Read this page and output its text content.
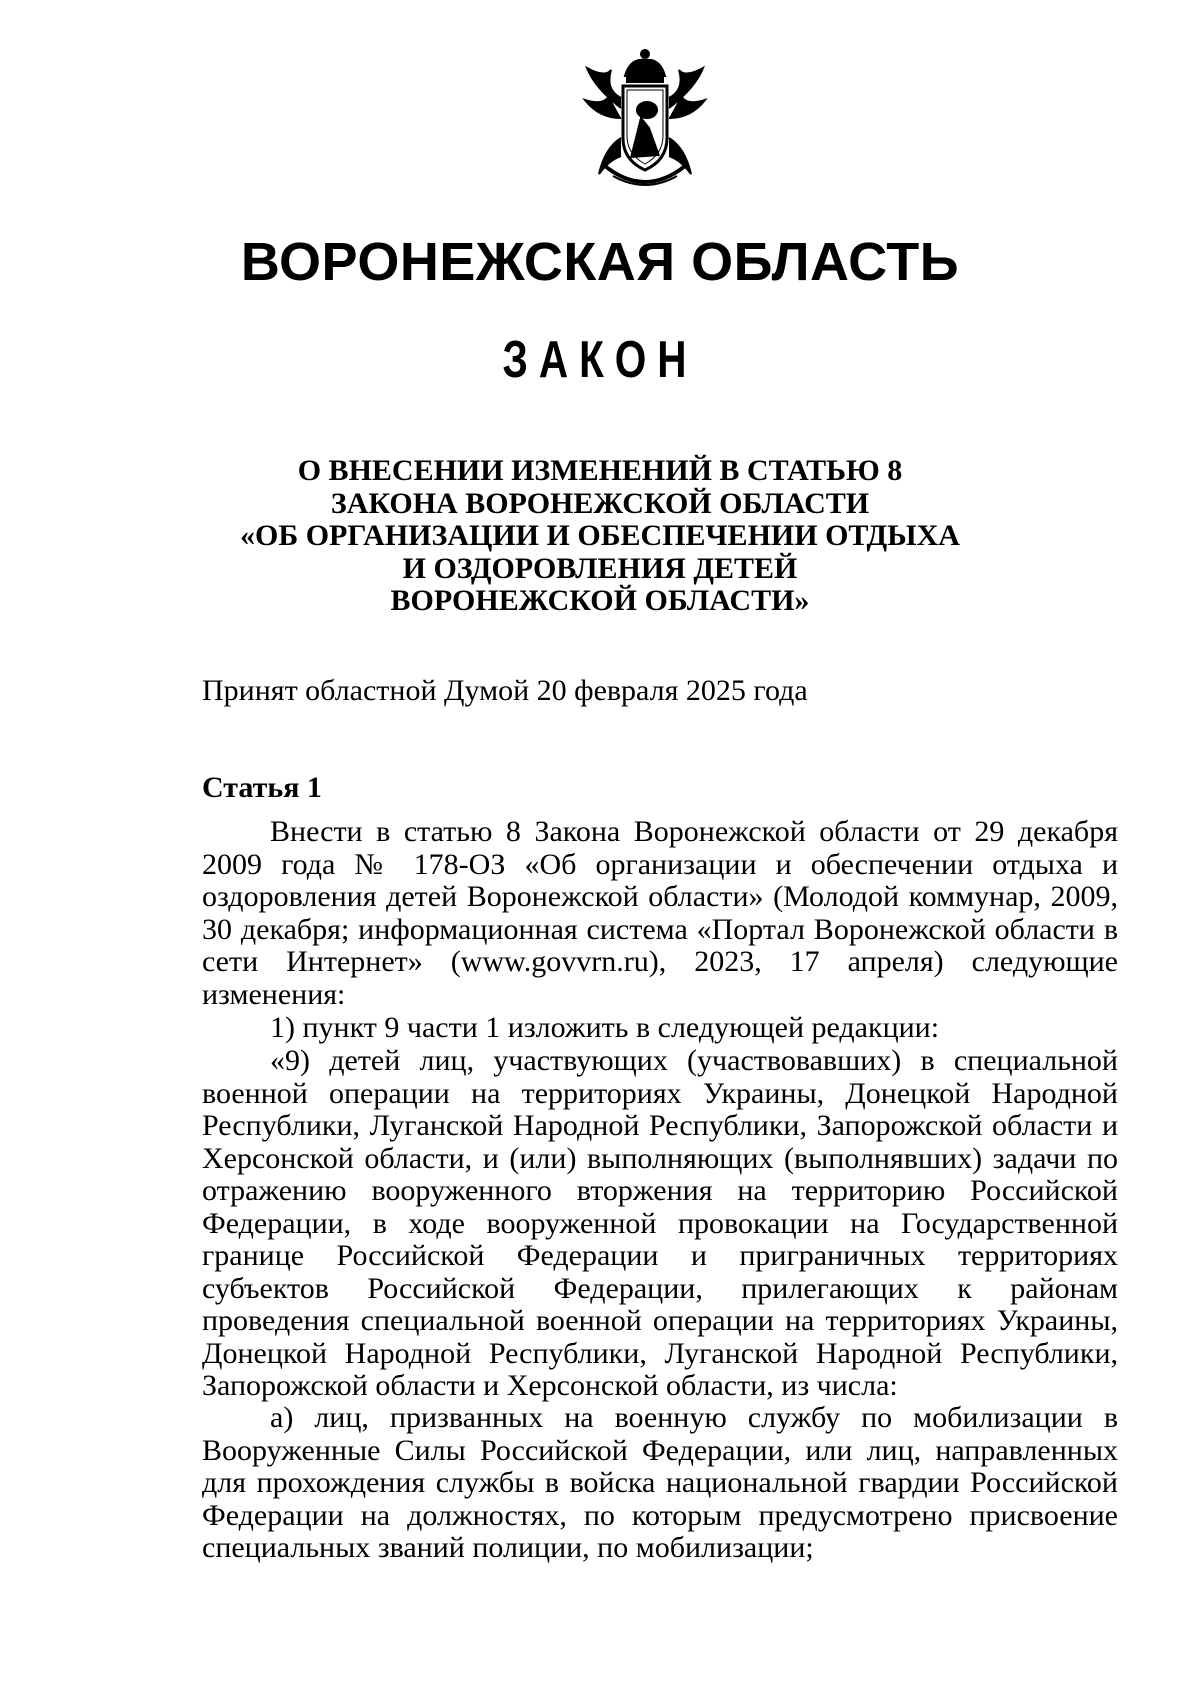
ВОРОНЕЖСКАЯ ОБЛАСТЬ
ЗАКОН
О ВНЕСЕНИИ ИЗМЕНЕНИЙ В СТАТЬЮ 8
ЗАКОНА ВОРОНЕЖСКОЙ ОБЛАСТИ
«ОБ ОРГАНИЗАЦИИ И ОБЕСПЕЧЕНИИ ОТДЫХА
И ОЗДОРОВЛЕНИЯ ДЕТЕЙ
ВОРОНЕЖСКОЙ ОБЛАСТИ»
Принят областной Думой 20 февраля 2025 года
Статья 1

Внести в статью 8 Закона Воронежской области от 29 декабря 2009 года № 178-ОЗ «Об организации и обеспечении отдыха и оздоровления детей Воронежской области» (Молодой коммунар, 2009, 30 декабря; информационная система «Портал Воронежской области в сети Интернет» (www.govvrn.ru), 2023, 17 апреля) следующие изменения:

1) пункт 9 части 1 изложить в следующей редакции:

«9) детей лиц, участвующих (участвовавших) в специальной военной операции на территориях Украины, Донецкой Народной Республики, Луганской Народной Республики, Запорожской области и Херсонской области, и (или) выполняющих (выполнявших) задачи по отражению вооруженного вторжения на территорию Российской Федерации, в ходе вооруженной провокации на Государственной границе Российской Федерации и приграничных территориях субъектов Российской Федерации, прилегающих к районам проведения специальной военной операции на территориях Украины, Донецкой Народной Республики, Луганской Народной Республики, Запорожской области и Херсонской области, из числа:

а) лиц, призванных на военную службу по мобилизации в Вооруженные Силы Российской Федерации, или лиц, направленных для прохождения службы в войска национальной гвардии Российской Федерации на должностях, по которым предусмотрено присвоение специальных званий полиции, по мобилизации;
